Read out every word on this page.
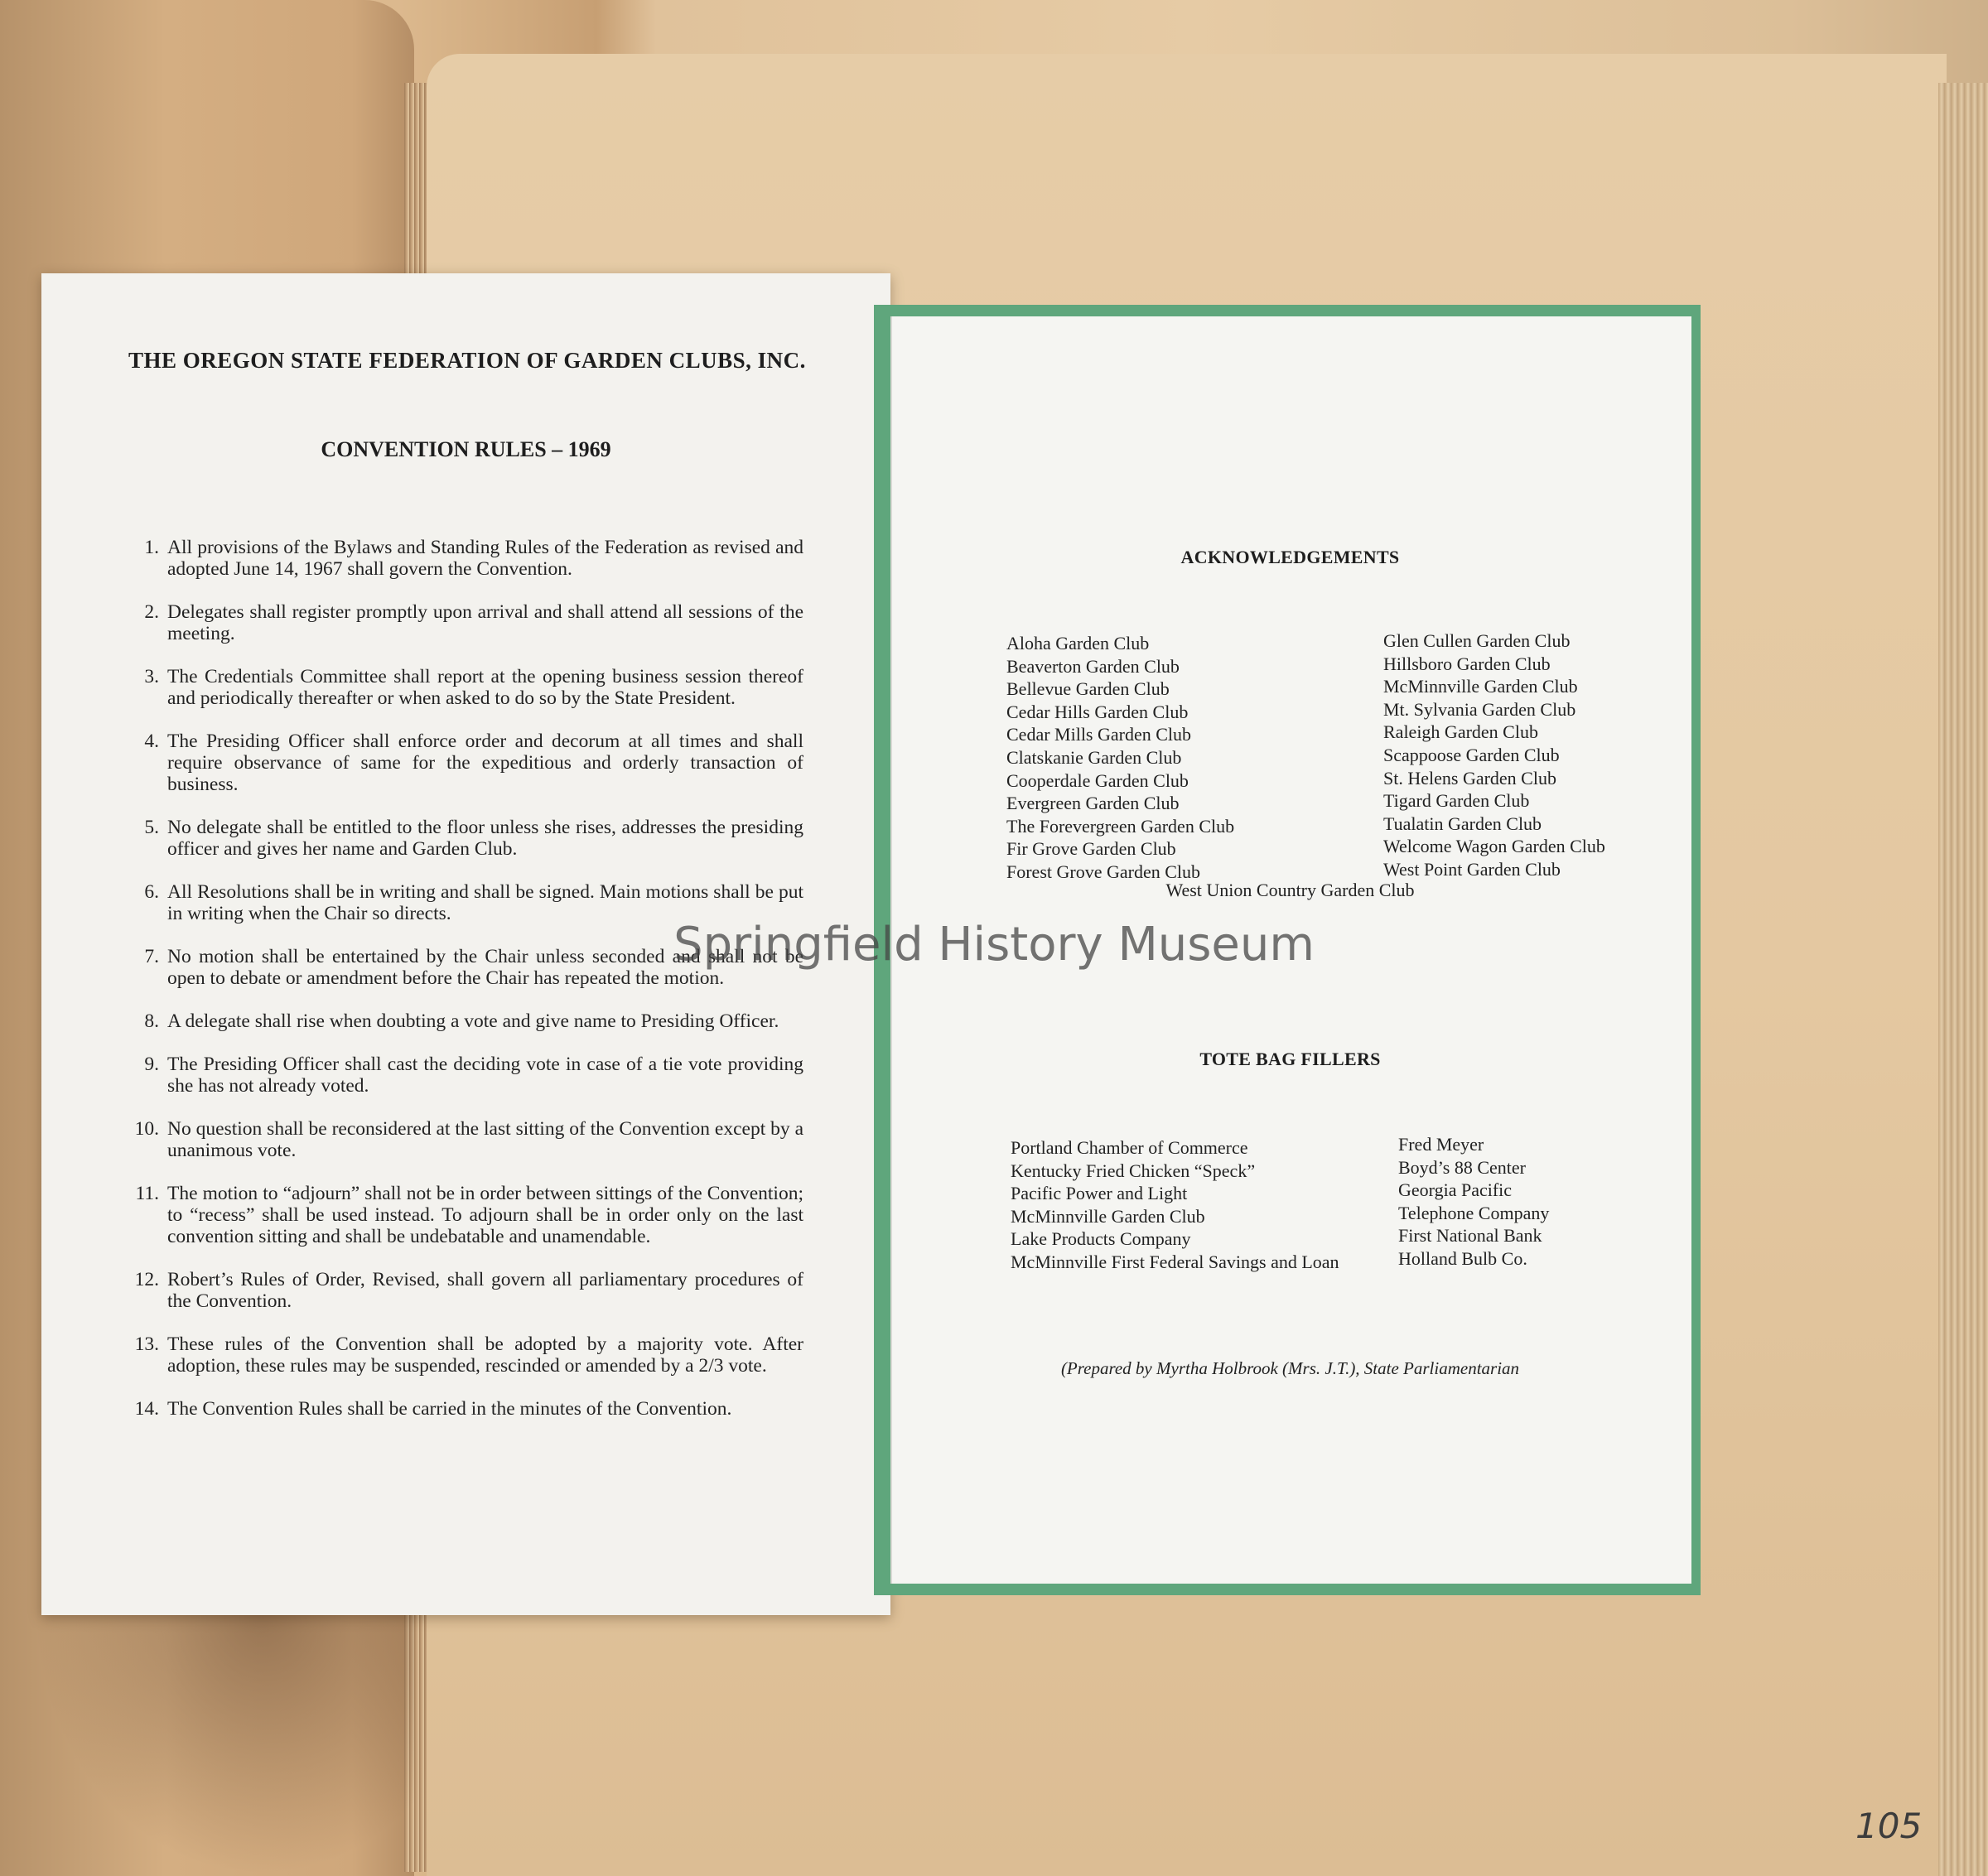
105
THE OREGON STATE FEDERATION OF GARDEN CLUBS, INC.
CONVENTION RULES – 1969
1. All provisions of the Bylaws and Standing Rules of the Federation as revised and adopted June 14, 1967 shall govern the Convention.
2. Delegates shall register promptly upon arrival and shall attend all sessions of the meeting.
3. The Credentials Committee shall report at the opening business session thereof and periodically thereafter or when asked to do so by the State President.
4. The Presiding Officer shall enforce order and decorum at all times and shall require observance of same for the expeditious and orderly transaction of business.
5. No delegate shall be entitled to the floor unless she rises, addresses the presiding officer and gives her name and Garden Club.
6. All Resolutions shall be in writing and shall be signed. Main motions shall be put in writing when the Chair so directs.
7. No motion shall be entertained by the Chair unless seconded and shall not be open to debate or amendment before the Chair has repeated the motion.
8. A delegate shall rise when doubting a vote and give name to Presiding Officer.
9. The Presiding Officer shall cast the deciding vote in case of a tie vote providing she has not already voted.
10. No question shall be reconsidered at the last sitting of the Convention except by a unanimous vote.
11. The motion to “adjourn” shall not be in order between sittings of the Convention; to “recess” shall be used instead. To adjourn shall be in order only on the last convention sitting and shall be undebatable and unamendable.
12. Robert’s Rules of Order, Revised, shall govern all parliamentary procedures of the Convention.
13. These rules of the Convention shall be adopted by a majority vote. After adoption, these rules may be suspended, rescinded or amended by a 2/3 vote.
14. The Convention Rules shall be carried in the minutes of the Convention.
ACKNOWLEDGEMENTS
Aloha Garden Club
Beaverton Garden Club
Bellevue Garden Club
Cedar Hills Garden Club
Cedar Mills Garden Club
Clatskanie Garden Club
Cooperdale Garden Club
Evergreen Garden Club
The Forevergreen Garden Club
Fir Grove Garden Club
Forest Grove Garden Club
Glen Cullen Garden Club
Hillsboro Garden Club
McMinnville Garden Club
Mt. Sylvania Garden Club
Raleigh Garden Club
Scappoose Garden Club
St. Helens Garden Club
Tigard Garden Club
Tualatin Garden Club
Welcome Wagon Garden Club
West Point Garden Club
West Union Country Garden Club
TOTE BAG FILLERS
Portland Chamber of Commerce
Kentucky Fried Chicken “Speck”
Pacific Power and Light
McMinnville Garden Club
Lake Products Company
McMinnville First Federal Savings and Loan
Fred Meyer
Boyd’s 88 Center
Georgia Pacific
Telephone Company
First National Bank
Holland Bulb Co.
(Prepared by Myrtha Holbrook (Mrs. J.T.), State Parliamentarian
Springfield History Museum
